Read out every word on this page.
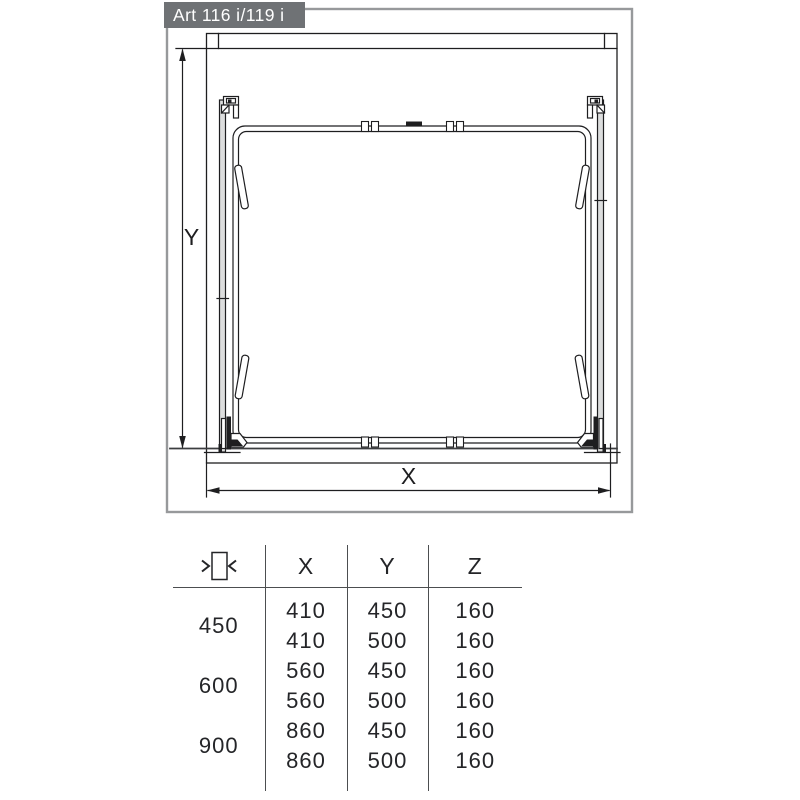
Y
X
Art 116 i/119 i
	X	Y	Z

450	410	450	160
	410	500	160
600	560	450	160
	560	500	160
900	860	450	160
	860	500	160
